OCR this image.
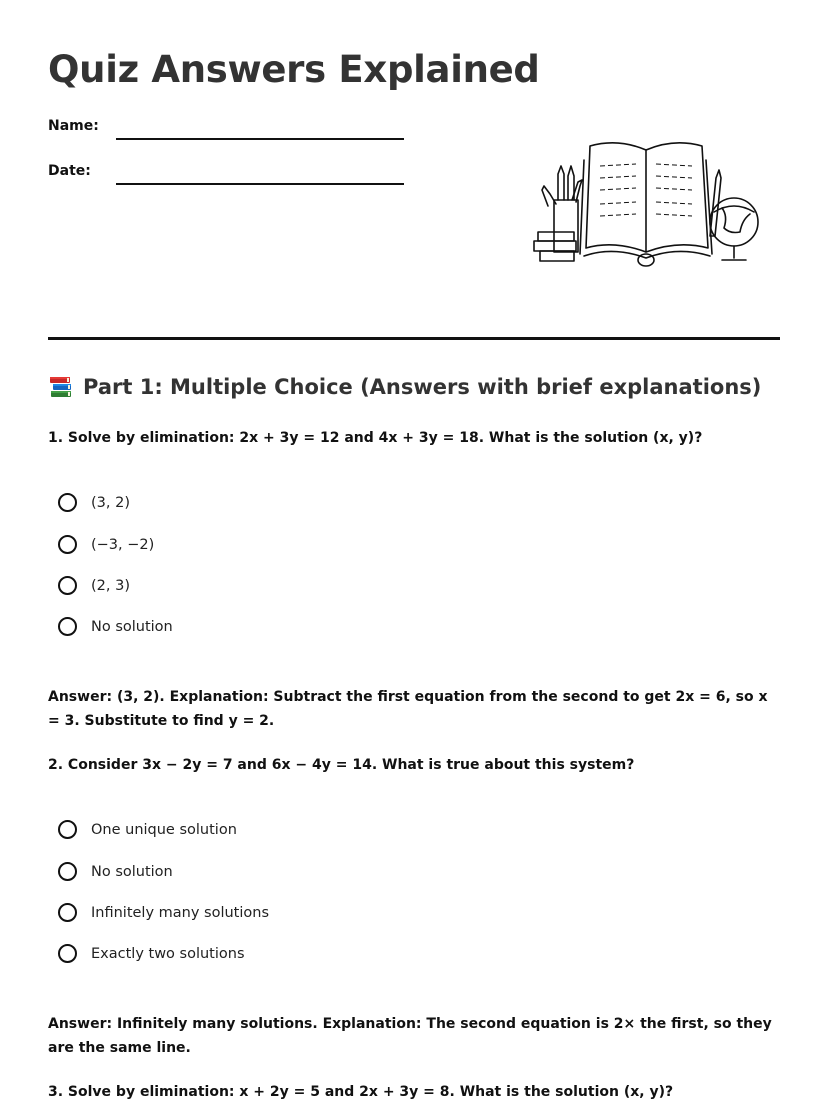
Quiz Answers Explained
Name:
Date:
Part 1: Multiple Choice (Answers with brief explanations)
1. Solve by elimination: 2x + 3y = 12 and 4x + 3y = 18. What is the solution (x, y)?
(3, 2)
(−3, −2)
(2, 3)
No solution
Answer: (3, 2). Explanation: Subtract the first equation from the second to get 2x = 6, so x = 3. Substitute to find y = 2.
2. Consider 3x − 2y = 7 and 6x − 4y = 14. What is true about this system?
One unique solution
No solution
Infinitely many solutions
Exactly two solutions
Answer: Infinitely many solutions. Explanation: The second equation is 2× the first, so they are the same line.
3. Solve by elimination: x + 2y = 5 and 2x + 3y = 8. What is the solution (x, y)?
